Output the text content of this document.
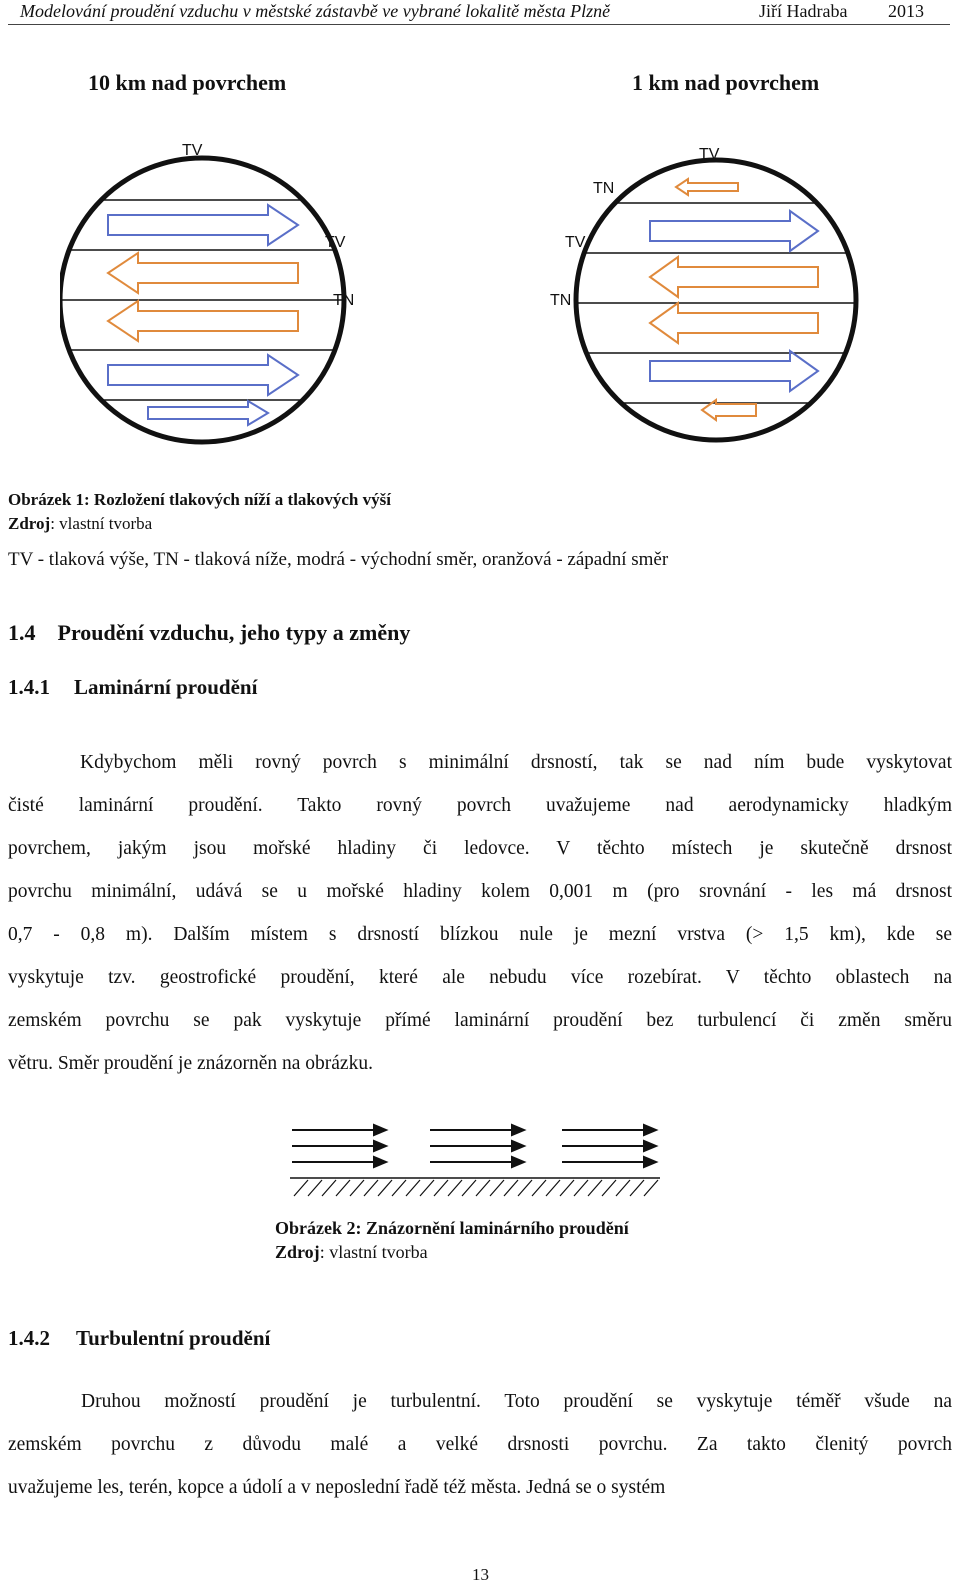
Modelování proudění vzduchu v městské zástavbě ve vybrané lokalitě města Plzně	Jiří Hadraba 2013
10 km nad povrchem	1 km nad povrchem
TV
TV
TN
TV
TN
TV
TN
Obrázek 1: Rozložení tlakových níží a tlakových výší
Zdroj: vlastní tvorba
TV - tlaková výše, TN - tlaková níže, modrá - východní směr, oranžová - západní směr
1.4 Proudění vzduchu, jeho typy a změny
1.4.1 Laminární proudění
Kdybychom měli rovný povrch s minimální drsností, tak se nad ním bude vyskytovat
čisté laminární proudění. Takto rovný povrch uvažujeme nad aerodynamicky hladkým
povrchem, jakým jsou mořské hladiny či ledovce. V těchto místech je skutečně drsnost
povrchu minimální, udává se u mořské hladiny kolem 0,001 m (pro srovnání - les má drsnost
0,7 - 0,8 m). Dalším místem s drsností blízkou nule je mezní vrstva (> 1,5 km), kde se
vyskytuje tzv. geostrofické proudění, které ale nebudu více rozebírat. V těchto oblastech na
zemském povrchu se pak vyskytuje přímé laminární proudění bez turbulencí či změn směru
větru. Směr proudění je znázorněn na obrázku.
Obrázek 2: Znázornění laminárního proudění
Zdroj: vlastní tvorba
1.4.2 Turbulentní proudění
Druhou možností proudění je turbulentní. Toto proudění se vyskytuje téměř všude na
zemském povrchu z důvodu malé a velké drsnosti povrchu. Za takto členitý povrch
uvažujeme les, terén, kopce a údolí a v neposlední řadě též města. Jedná se o systém
13
